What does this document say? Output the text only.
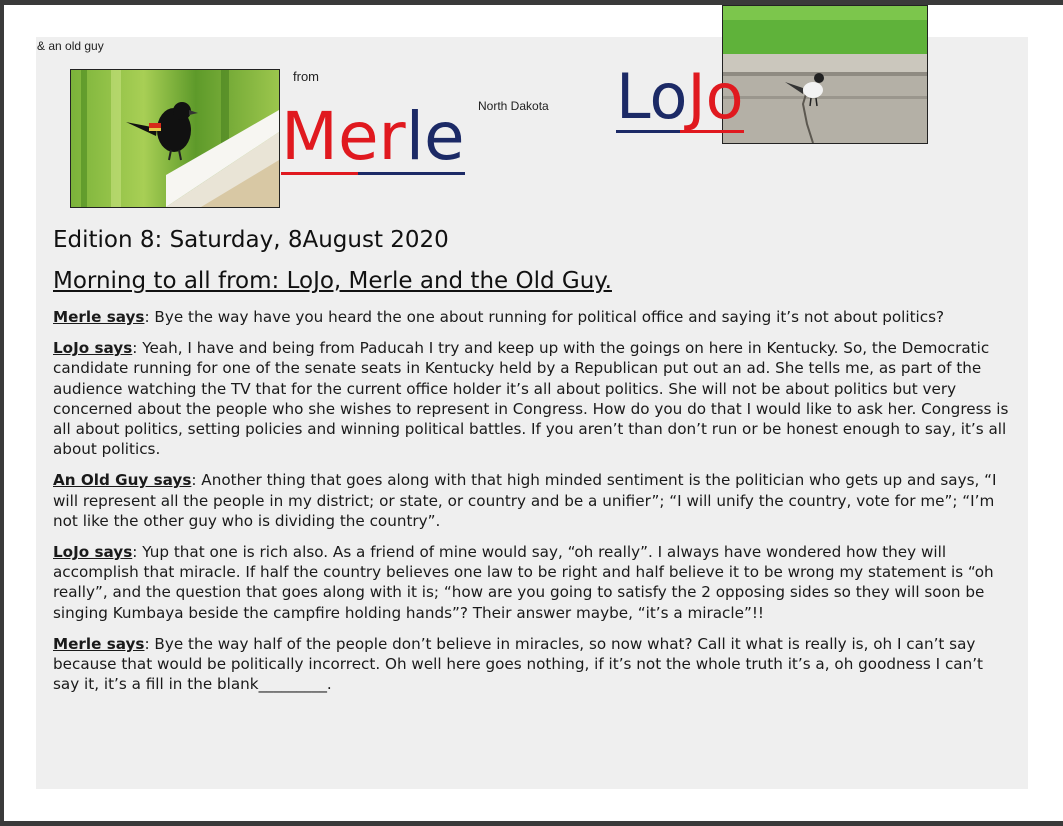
& an old guy
from
North Dakota
Merle
LoJo
Edition 8: Saturday, 8August 2020
Morning to all from: LoJo, Merle and the Old Guy.

Merle says: Bye the way have you heard the one about running for political office and saying it’s not about politics?

LoJo says: Yeah, I have and being from Paducah I try and keep up with the goings on here in Kentucky. So, the Democratic candidate running for one of the senate seats in Kentucky held by a Republican put out an ad. She tells me, as part of the audience watching the TV that for the current office holder it’s all about politics. She will not be about politics but very concerned about the people who she wishes to represent in Congress. How do you do that I would like to ask her. Congress is all about politics, setting policies and winning political battles. If you aren’t than don’t run or be honest enough to say, it’s all about politics.

An Old Guy says: Another thing that goes along with that high minded sentiment is the politician who gets up and says, “I will represent all the people in my district; or state, or country and be a unifier”; “I will unify the country, vote for me”; “I’m not like the other guy who is dividing the country”.

LoJo says: Yup that one is rich also. As a friend of mine would say, “oh really”. I always have wondered how they will accomplish that miracle. If half the country believes one law to be right and half believe it to be wrong my statement is “oh really”, and the question that goes along with it is; “how are you going to satisfy the 2 opposing sides so they will soon be singing Kumbaya beside the campfire holding hands”? Their answer maybe, “it’s a miracle”!!

Merle says: Bye the way half of the people don’t believe in miracles, so now what? Call it what is really is, oh I can’t say because that would be politically incorrect. Oh well here goes nothing, if it’s not the whole truth it’s a, oh goodness I can’t say it, it’s a fill in the blank_________.
